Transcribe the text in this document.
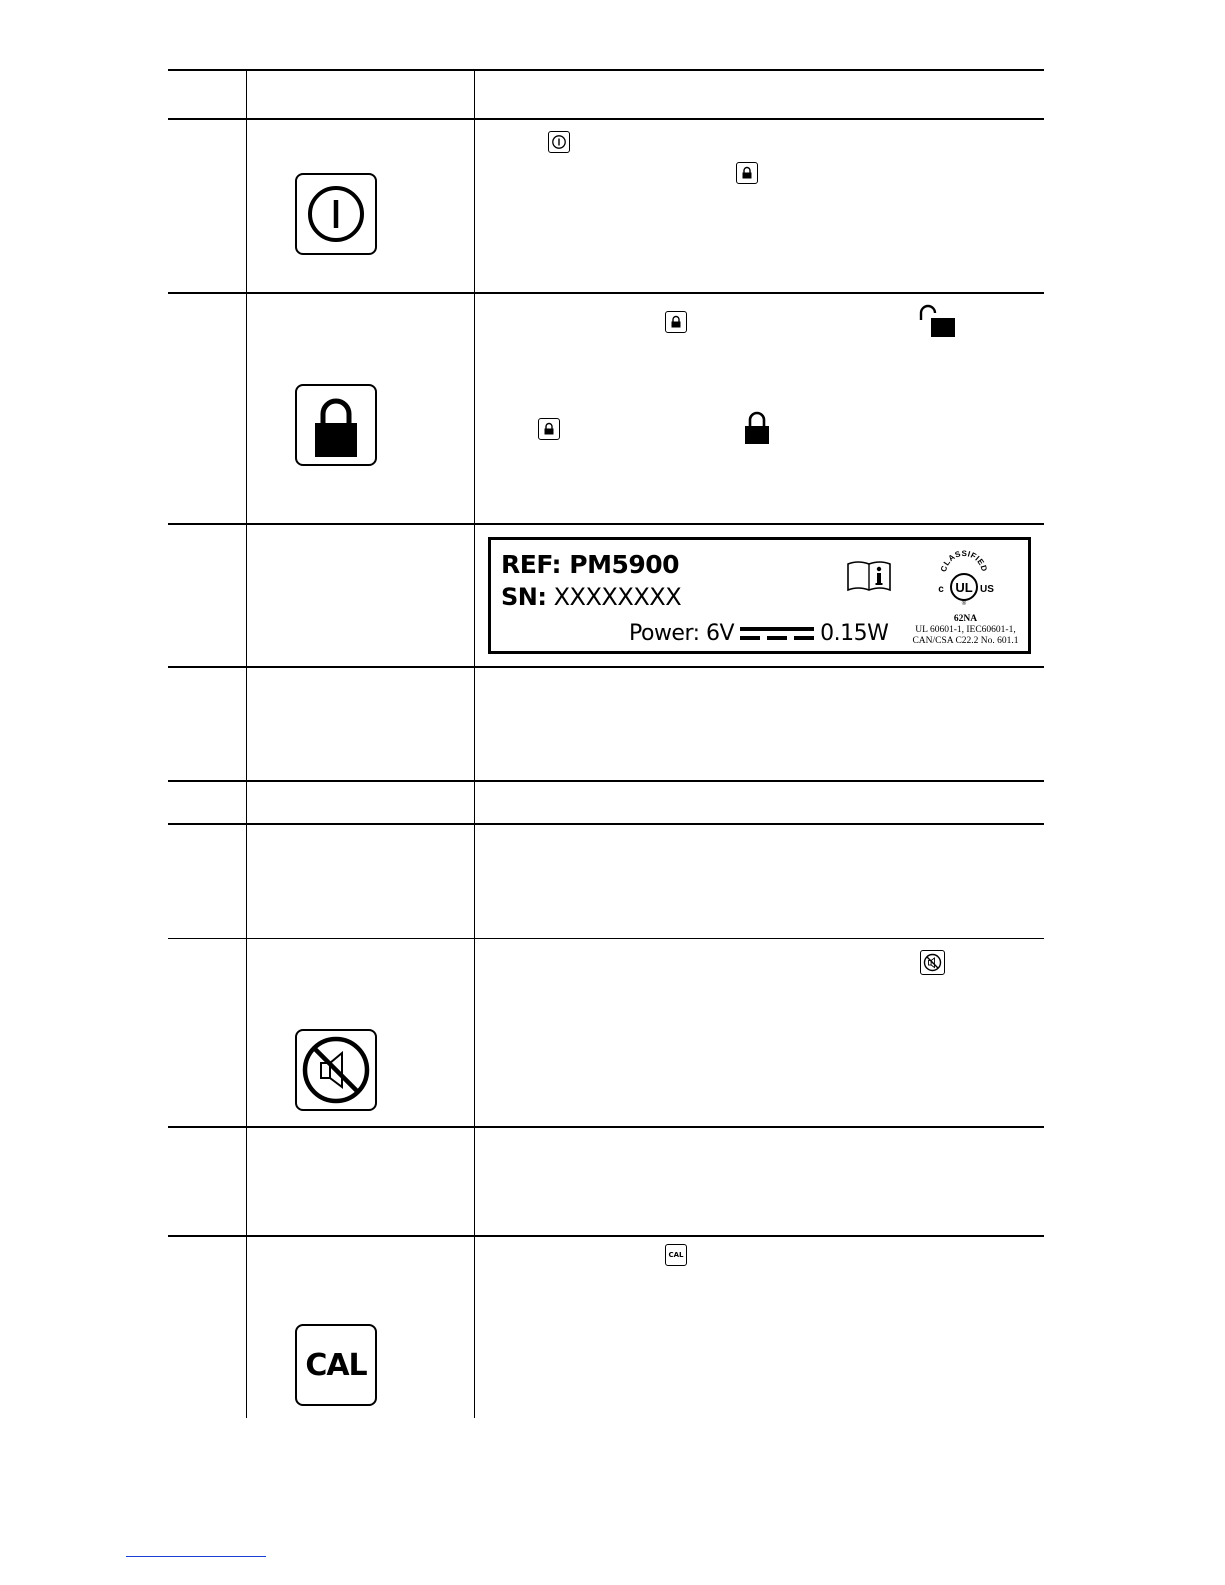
REF: PM5900
SN: XXXXXXXX
Power: 6V	0.15W
CLASSIFIED
UL
c	US
®
62NA
UL 60601-1, IEC60601-1,
CAN/CSA C22.2 No. 601.1
CAL
CAL
